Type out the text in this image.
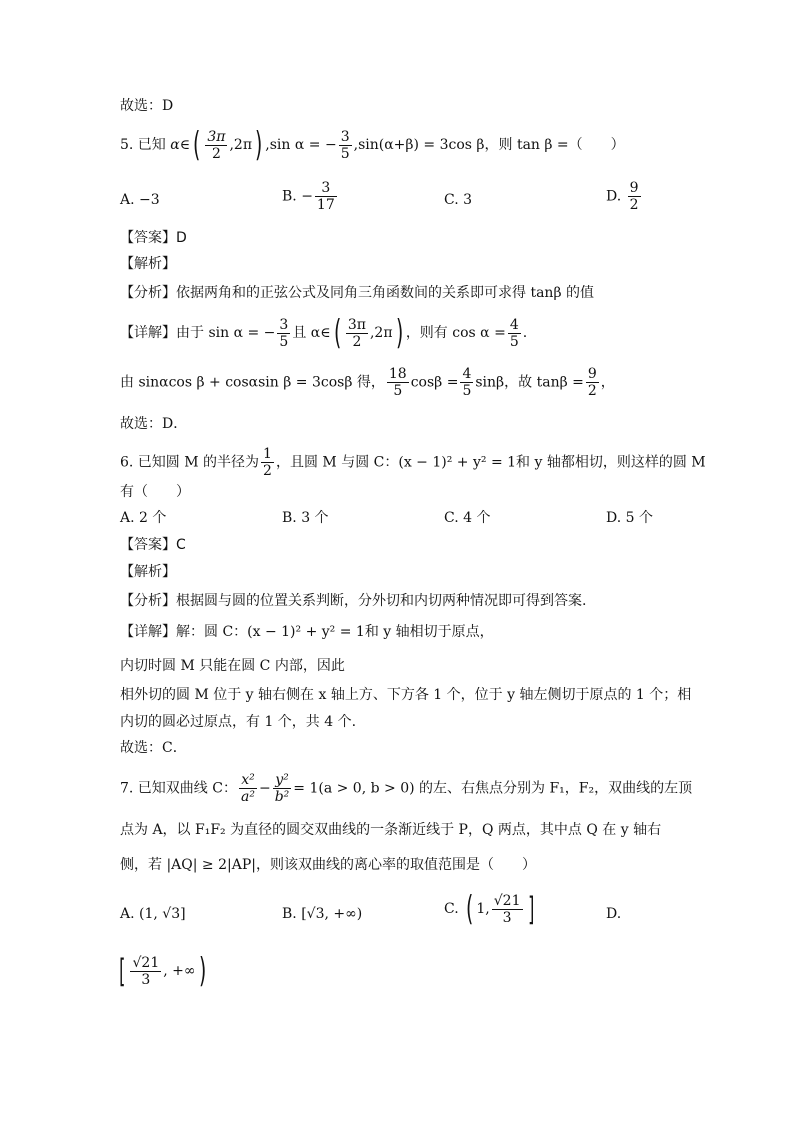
故选：D
5. 已知 α∈( $\frac{3\pi}{2} ,2\pi$) ,sin α = − $\frac{3}{5} ,\sin(\alpha+\beta) = 3\cos$ β，则 tan β =（　　）
A. −3	B. − $\frac{3}{17}$	C. 3	D. $\frac{9}{2}$
【答案】D
【解析】
【分析】依据两角和的正弦公式及同角三角函数间的关系即可求得 tanβ 的值
【详解】由于 sin α = − $\frac{3}{5}$ 且 α∈( $\frac{3\pi}{2} ,2\pi$) ，则有 $\cos \alpha = \frac{4}{5}$ .
由 sinαcos β + cosαsin β = 3cosβ 得， $\frac{18}{5}$ $\cos\beta = \frac{4}{5}$ sinβ，故 $\tan\beta = \frac{9}{2}$ ，
故选：D．
6. 已知圆 M 的半径为 $\frac{1}{2}$ ，且圆 M 与圆 C：(x − 1)² + y² = 1和 y 轴都相切，则这样的圆 M
有（　　）
A. 2 个	B. 3 个	C. 4 个	D. 5 个
【答案】C
【解析】
【分析】根据圆与圆的位置关系判断，分外切和内切两种情况即可得到答案.
【详解】解：圆 C：(x − 1)² + y² = 1和 y 轴相切于原点，
内切时圆 M 只能在圆 C 内部，因此
相外切的圆 M 位于 y 轴右侧在 x 轴上方、下方各 1 个，位于 y 轴左侧切于原点的 1 个；相
内切的圆必过原点，有 1 个，共 4 个.
故选：C．
7. 已知双曲线 C： $\frac{\text{x²}}{\text{a²}} - \frac{\text{y²}}{\text{b²}} = 1(a > 0$, b > 0) 的左、右焦点分别为 F₁，F₂，双曲线的左顶
点为 A，以 F₁F₂ 为直径的圆交双曲线的一条渐近线于 P，Q 两点，其中点 Q 在 y 轴右
侧，若 |AQ| ≥ 2|AP|，则该双曲线的离心率的取值范围是（　　）
A. (1, √3]	B. [√3, +∞)	C. ( 1, $\frac{√21}{3}$ ]	D.
[ $\frac{√21}{3}$ , +∞)
